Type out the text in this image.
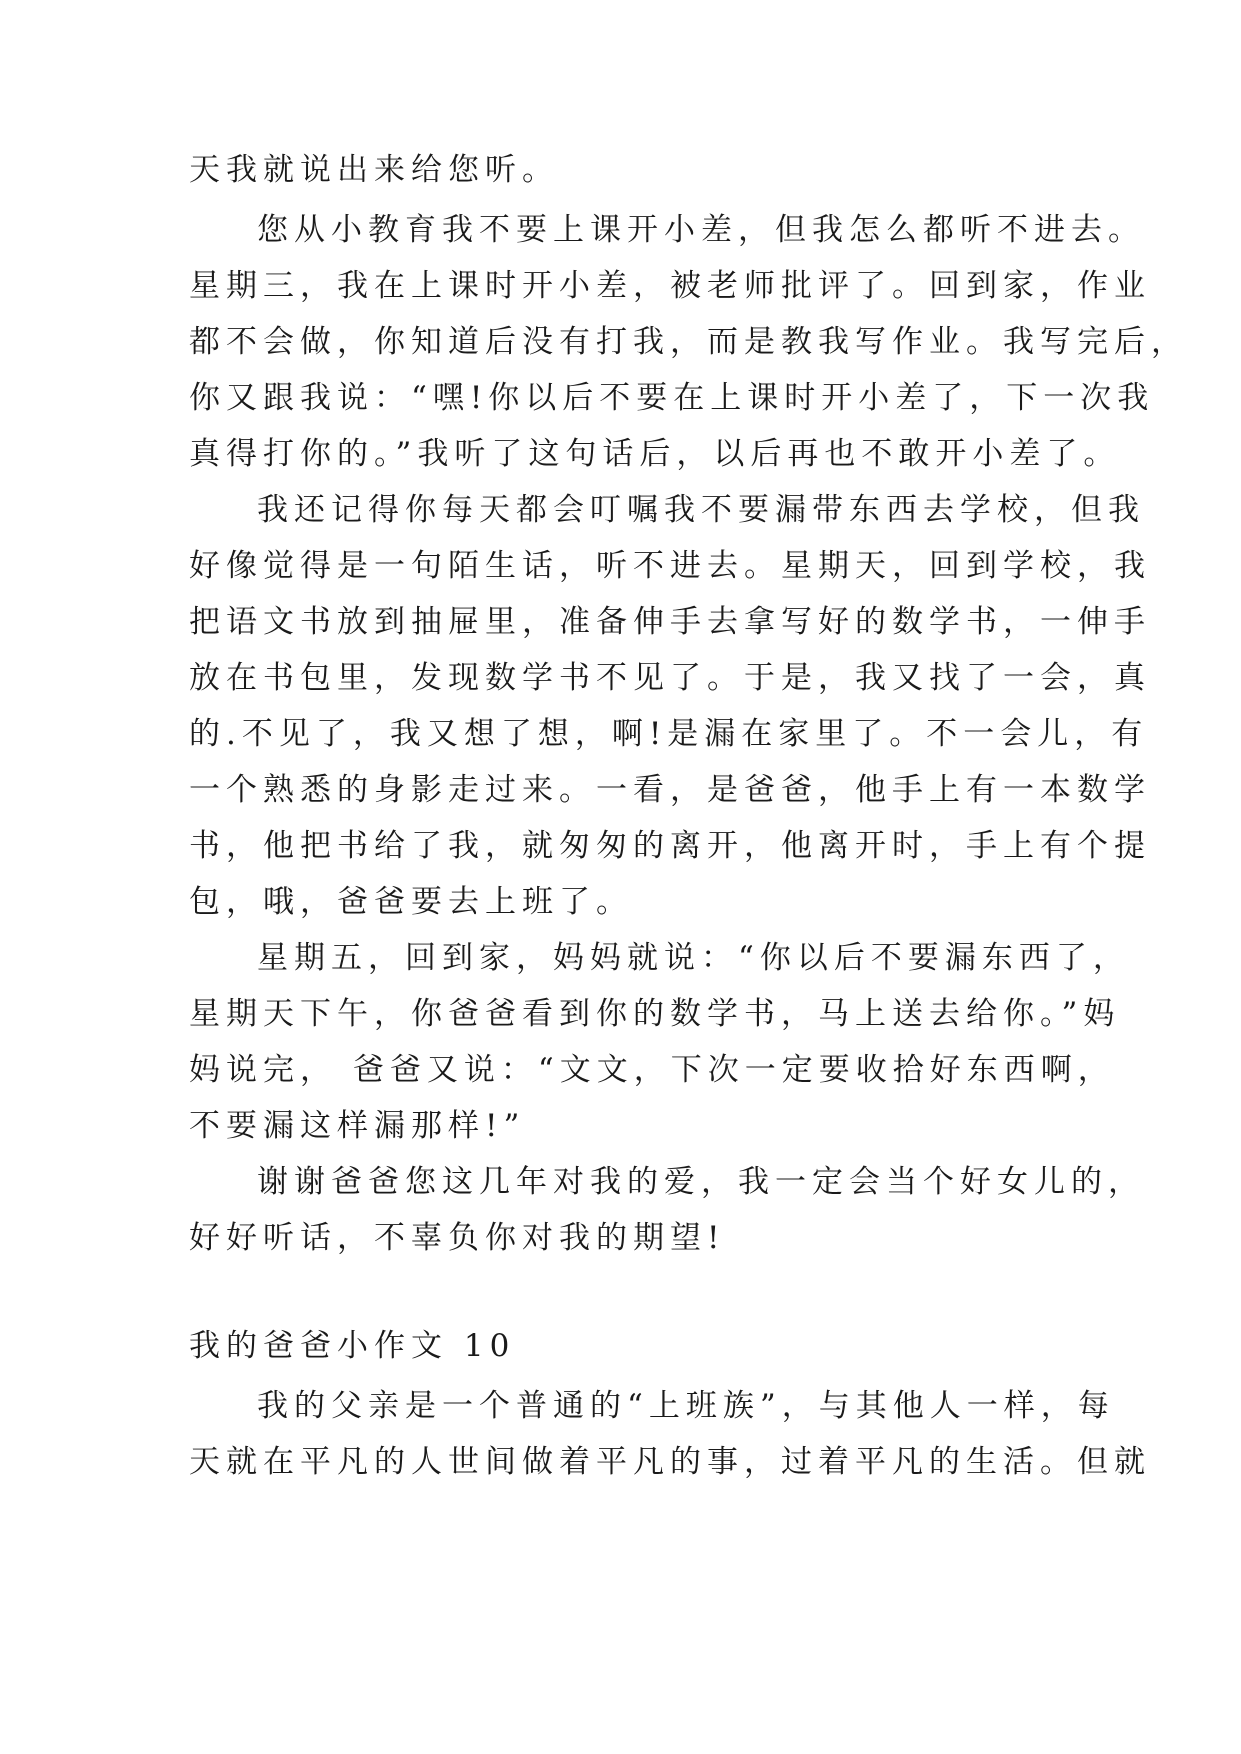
天我就说出来给您听。
您从小教育我不要上课开小差，但我怎么都听不进去。
星期三，我在上课时开小差，被老师批评了。回到家，作业
都不会做，你知道后没有打我，而是教我写作业。我写完后，
你又跟我说：“嘿!你以后不要在上课时开小差了，下一次我
真得打你的。”我听了这句话后，以后再也不敢开小差了。
我还记得你每天都会叮嘱我不要漏带东西去学校，但我
好像觉得是一句陌生话，听不进去。星期天，回到学校，我
把语文书放到抽屉里，准备伸手去拿写好的数学书，一伸手
放在书包里，发现数学书不见了。于是，我又找了一会，真
的.不见了，我又想了想，啊!是漏在家里了。不一会儿，有
一个熟悉的身影走过来。一看，是爸爸，他手上有一本数学
书，他把书给了我，就匆匆的离开，他离开时，手上有个提
包，哦，爸爸要去上班了。
星期五，回到家，妈妈就说：“你以后不要漏东西了，
星期天下午，你爸爸看到你的数学书，马上送去给你。”妈
妈说完， 爸爸又说：“文文，下次一定要收拾好东西啊，
不要漏这样漏那样!”
谢谢爸爸您这几年对我的爱，我一定会当个好女儿的，
好好听话，不辜负你对我的期望!
我的爸爸小作文 10
我的父亲是一个普通的“上班族”，与其他人一样，每
天就在平凡的人世间做着平凡的事，过着平凡的生活。但就
